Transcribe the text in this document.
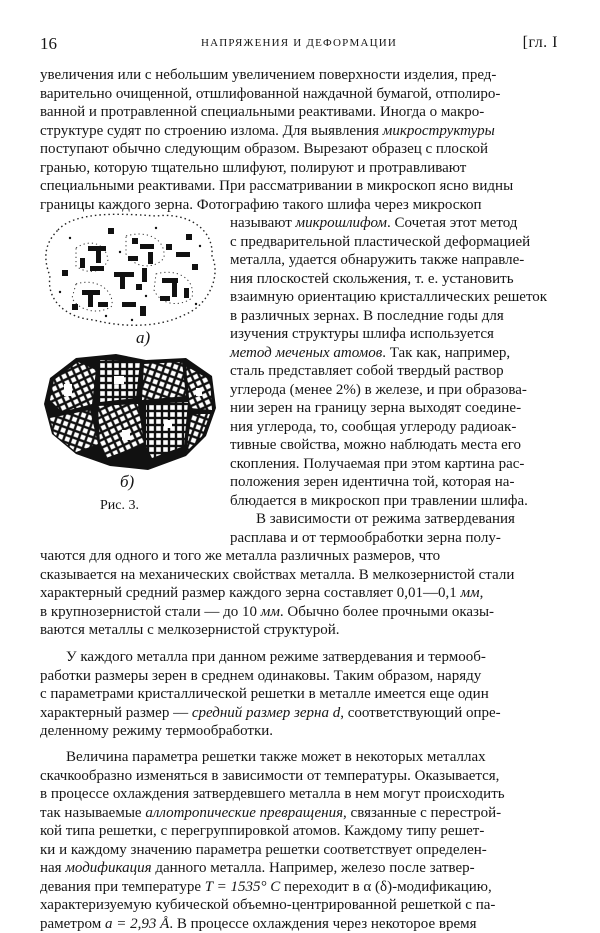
16	НАПРЯЖЕНИЯ И ДЕФОРМАЦИИ	[гл. I
увеличения или с небольшим увеличением поверхности изделия, пред-
варительно очищенной, отшлифованной наждачной бумагой, отполиро-
ванной и протравленной специальными реактивами. Иногда о макро-
структуре судят по строению излома. Для выявления микроструктуры
поступают обычно следующим образом. Вырезают образец с плоской
гранью, которую тщательно шлифуют, полируют и протравливают
специальными реактивами. При рассматривании в микроскоп ясно видны
границы каждого зерна. Фотографию такого шлифа через микроскоп
называют микрошлифом. Сочетая этот метод
с предварительной пластической деформацией
металла, удается обнаружить также направле-
ния плоскостей скольжения, т. е. установить
взаимную ориентацию кристаллических решеток
в различных зернах. В последние годы для
изучения структуры шлифа используется
метод меченых атомов. Так как, например,
сталь представляет собой твердый раствор
углерода (менее 2%) в железе, и при образова-
нии зерен на границу зерна выходят соедине-
ния углерода, то, сообщая углероду радиоак-
тивные свойства, можно наблюдать места его
скопления. Получаемая при этом картина рас-
положения зерен идентична той, которая на-
блюдается в микроскоп при травлении шлифа.
В зависимости от режима затвердевания
расплава и от термообработки зерна полу-
чаются для одного и того же металла различных размеров, что
сказывается на механических свойствах металла. В мелкозернистой стали
характерный средний размер каждого зерна составляет 0,01—0,1 мм,
в крупнозернистой стали — до 10 мм. Обычно более прочными оказы-
ваются металлы с мелкозернистой структурой.
У каждого металла при данном режиме затвердевания и термооб-
работки размеры зерен в среднем одинаковы. Таким образом, наряду
с параметрами кристаллической решетки в металле имеется еще один
характерный размер — средний размер зерна d, соответствующий опре-
деленному режиму термообработки.
Величина параметра решетки также может в некоторых металлах
скачкообразно изменяться в зависимости от температуры. Оказывается,
в процессе охлаждения затвердевшего металла в нем могут происходить
так называемые аллотропические превращения, связанные с перестрой-
кой типа решетки, с перегруппировкой атомов. Каждому типу решет-
ки и каждому значению параметра решетки соответствует определен-
ная модификация данного металла. Например, железо после затвер-
девания при температуре T = 1535° C переходит в α (δ)-модификацию,
характеризуемую кубической объемно-центрированной решеткой с па-
раметром a = 2,93 Å. В процессе охлаждения через некоторое время
а)
б)
Рис. 3.
